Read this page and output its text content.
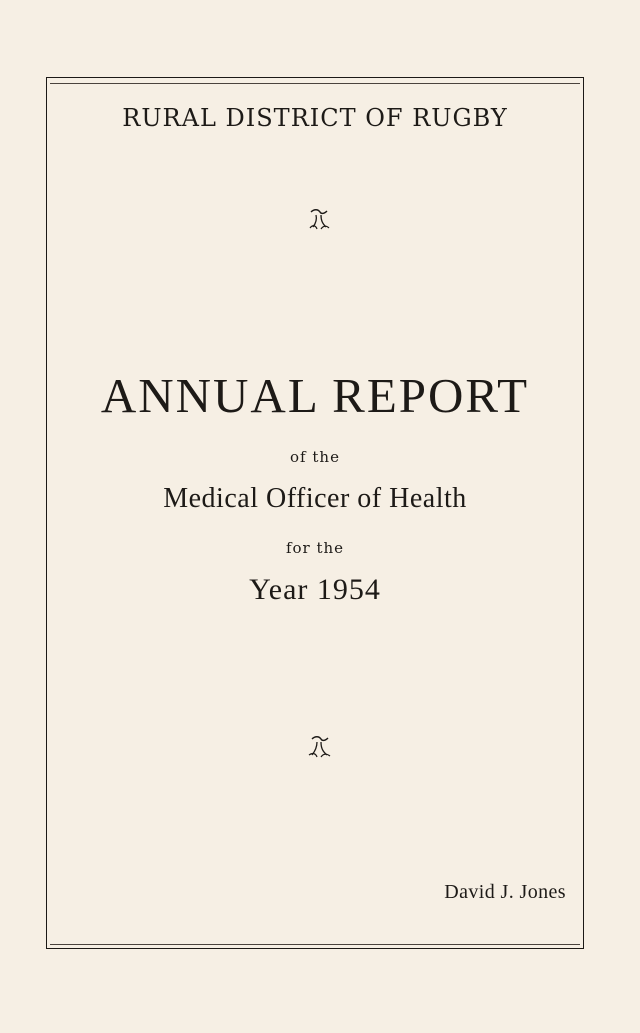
RURAL DISTRICT OF RUGBY
ANNUAL REPORT
of the
Medical Officer of Health
for the
Year 1954
David J. Jones
